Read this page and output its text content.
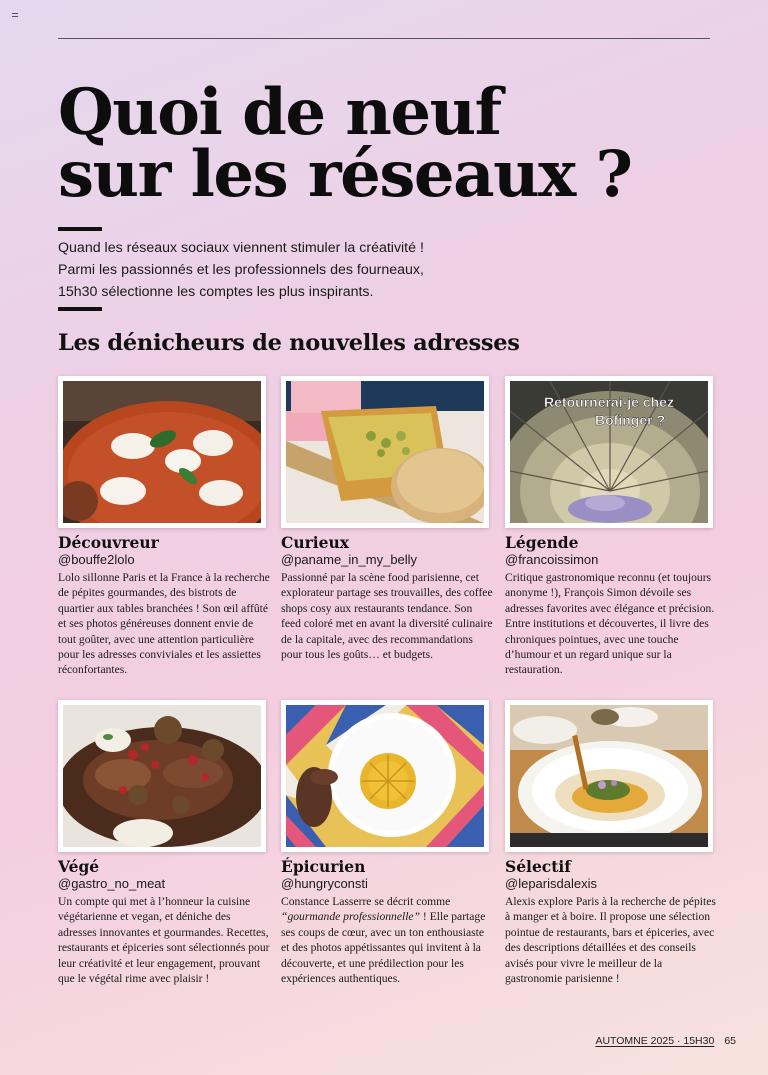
Quoi de neuf
sur les réseaux ?

Quand les réseaux sociaux viennent stimuler la créativité !
Parmi les passionnés et les professionnels des fourneaux,
15h30 sélectionne les comptes les plus inspirants.

Les dénicheurs de nouvelles adresses
Découvreur
@bouffe2lolo

Lolo sillonne Paris et la France à la recherche de pépites gourmandes, des bistrots de quartier aux tables branchées ! Son œil affûté et ses photos généreuses donnent envie de tout goûter, avec une attention particulière pour les adresses conviviales et les assiettes réconfortantes.

Curieux
@paname_in_my_belly

Passionné par la scène food parisienne, cet explorateur partage ses trouvailles, des coffee shops cosy aux restaurants tendance. Son feed coloré met en avant la diversité culinaire de la capitale, avec des recommandations pour tous les goûts… et budgets.

Retournerai-je chez
Bofinger ?
Légende
@francoissimon

Critique gastronomique reconnu (et toujours anonyme !), François Simon dévoile ses adresses favorites avec élégance et précision. Entre institutions et découvertes, il livre des chroniques pointues, avec une touche d’humour et un regard unique sur la restauration.

Végé
@gastro_no_meat

Un compte qui met à l’honneur la cuisine végétarienne et vegan, et déniche des adresses innovantes et gourmandes. Recettes, restaurants et épiceries sont sélectionnés pour leur créativité et leur engagement, prouvant que le végétal rime avec plaisir !

Épicurien
@hungryconsti

Constance Lasserre se décrit comme “gourmande professionnelle” ! Elle partage ses coups de cœur, avec un ton enthousiaste et des photos appétissantes qui invitent à la découverte, et une prédilection pour les expériences authentiques.

Sélectif
@leparisdalexis

Alexis explore Paris à la recherche de pépites à manger et à boire. Il propose une sélection pointue de restaurants, bars et épiceries, avec des descriptions détaillées et des conseils avisés pour vivre le meilleur de la gastronomie parisienne !

AUTOMNE 2025 · 15H30 65
